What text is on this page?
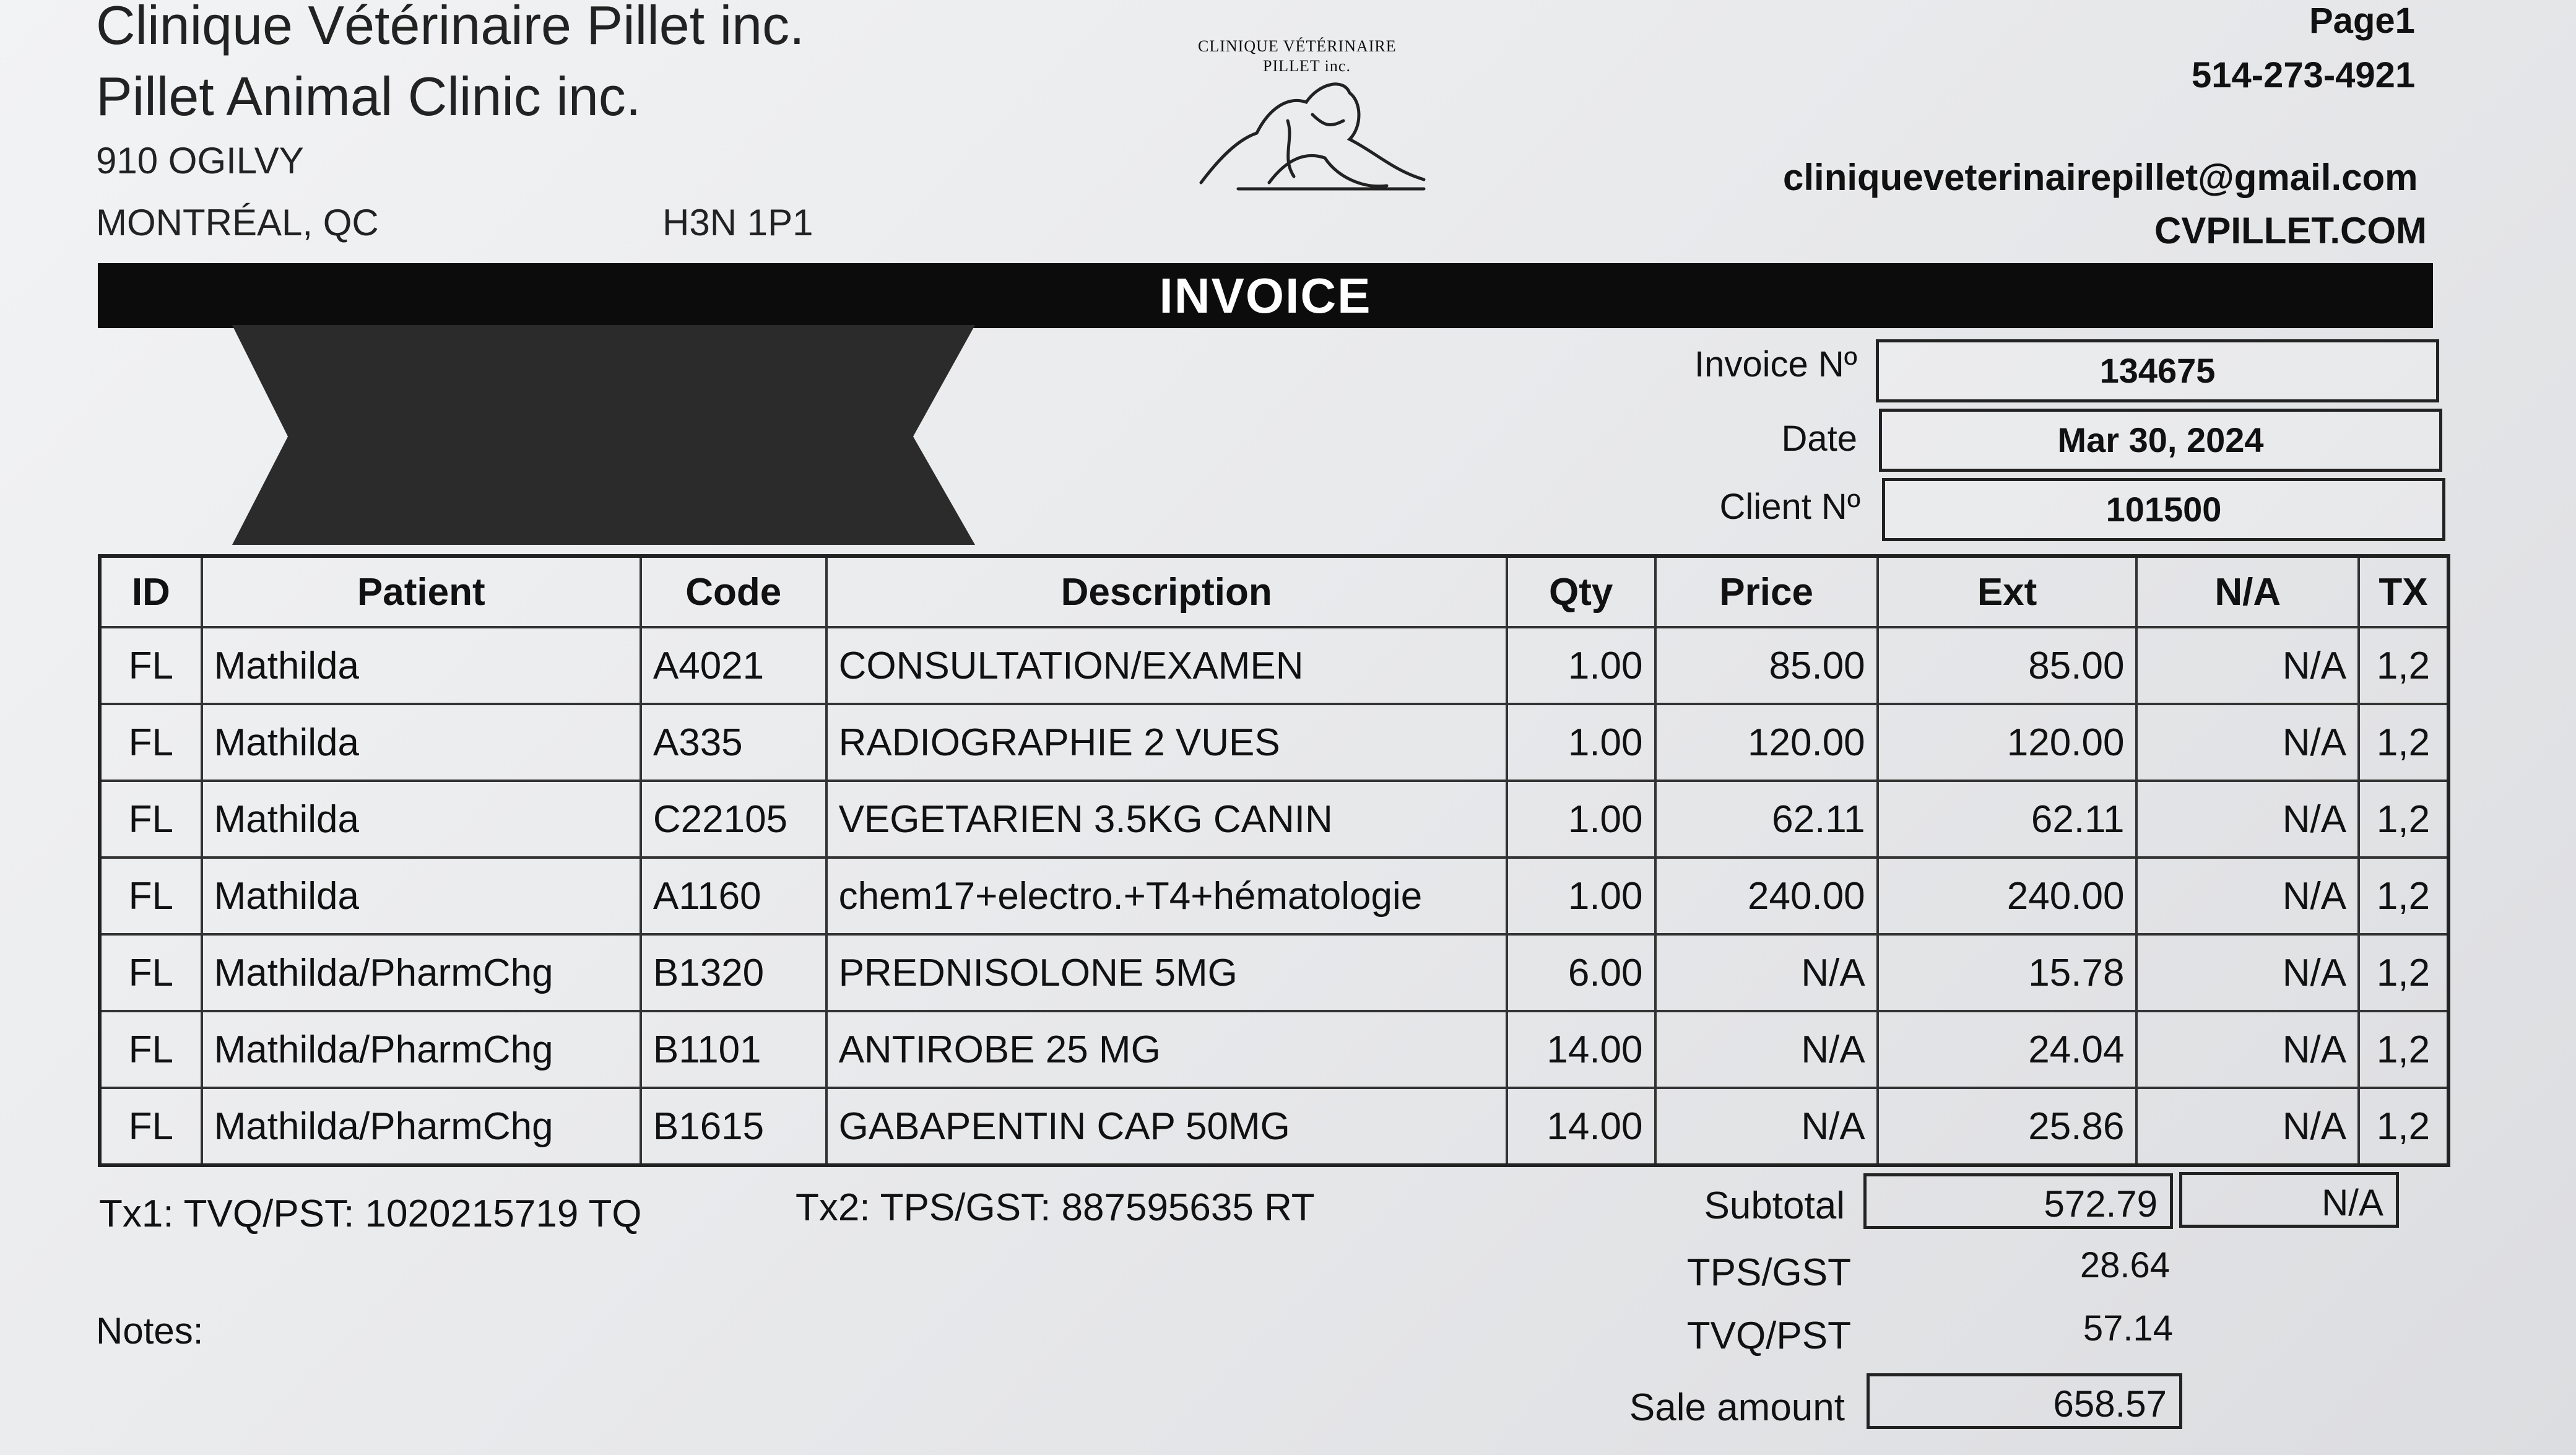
Clinique Vétérinaire Pillet inc.
Pillet Animal Clinic inc.
910 OGILVY
MONTRÉAL, QC	H3N 1P1
CLINIQUE VÉTÉRINAIRE
PILLET inc.
Page1
514-273-4921
cliniqueveterinairepillet@gmail.com
CVPILLET.COM
INVOICE
Invoice Nº	134675
Date	Mar 30, 2024
Client Nº	101500
ID	Patient	Code	Description	Qty	Price	Ext	N/A	TX
FL	Mathilda	A4021	CONSULTATION/EXAMEN	1.00	85.00	85.00	N/A	1,2
FL	Mathilda	A335	RADIOGRAPHIE 2 VUES	1.00	120.00	120.00	N/A	1,2
FL	Mathilda	C22105	VEGETARIEN 3.5KG CANIN	1.00	62.11	62.11	N/A	1,2
FL	Mathilda	A1160	chem17+electro.+T4+hématologie	1.00	240.00	240.00	N/A	1,2
FL	Mathilda/PharmChg	B1320	PREDNISOLONE 5MG	6.00	N/A	15.78	N/A	1,2
FL	Mathilda/PharmChg	B1101	ANTIROBE 25 MG	14.00	N/A	24.04	N/A	1,2
FL	Mathilda/PharmChg	B1615	GABAPENTIN CAP 50MG	14.00	N/A	25.86	N/A	1,2
Tx1: TVQ/PST: 1020215719 TQ	Tx2: TPS/GST: 887595635 RT
Notes:
Subtotal	572.79	N/A
TPS/GST	28.64
TVQ/PST	57.14
Sale amount	658.57
